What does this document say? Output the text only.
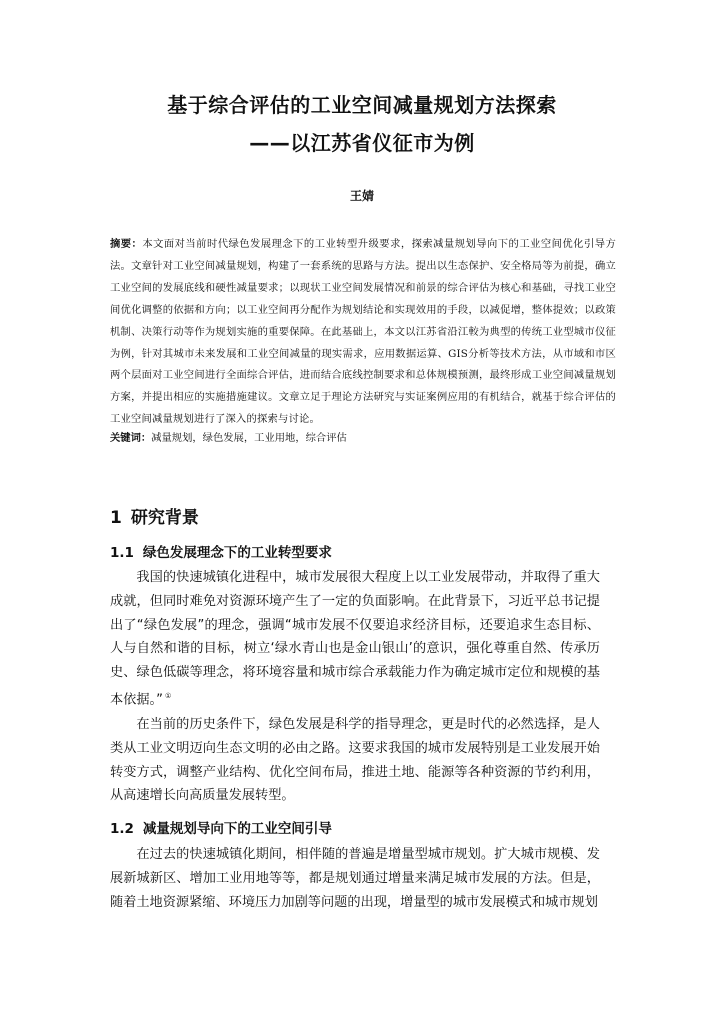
基于综合评估的工业空间减量规划方法探索
——以江苏省仪征市为例
王婧
摘要：本文面对当前时代绿色发展理念下的工业转型升级要求，探索减量规划导向下的工业空间优化引导方法。文章针对工业空间减量规划，构建了一套系统的思路与方法。提出以生态保护、安全格局等为前提，确立工业空间的发展底线和硬性减量要求；以现状工业空间发展情况和前景的综合评估为核心和基础，寻找工业空间优化调整的依据和方向；以工业空间再分配作为规划结论和实现效用的手段，以减促增，整体提效；以政策机制、决策行动等作为规划实施的重要保障。在此基础上，本文以江苏省沿江較为典型的传统工业型城市仪征为例，针对其城市未来发展和工业空间减量的现实需求，应用数据运算、GIS分析等技术方法，从市域和市区两个层面对工业空间进行全面综合评估，进而结合底线控制要求和总体规模预测，最终形成工业空间减量规划方案，并提出相应的实施措施建议。文章立足于理论方法研究与实证案例应用的有机结合，就基于综合评估的工业空间减量规划进行了深入的探索与讨论。
关键词：减量规划，绿色发展，工业用地，综合评估
1 研究背景
1.1 绿色发展理念下的工业转型要求
我国的快速城镇化进程中，城市发展很大程度上以工业发展带动，并取得了重大成就，但同时难免对资源环境产生了一定的负面影响。在此背景下，习近平总书记提出了“绿色发展”的理念，强调“城市发展不仅要追求经济目标，还要追求生态目标、人与自然和谐的目标，树立‘绿水青山也是金山银山’的意识，强化尊重自然、传承历史、绿色低碳等理念，将环境容量和城市综合承载能力作为确定城市定位和规模的基本依据。” ①
在当前的历史条件下，绿色发展是科学的指导理念，更是时代的必然选择，是人类从工业文明迈向生态文明的必由之路。这要求我国的城市发展特别是工业发展开始转变方式，调整产业结构、优化空间布局，推进土地、能源等各种资源的节约利用，从高速增长向高质量发展转型。
1.2 减量规划导向下的工业空间引导
在过去的快速城镇化期间，相伴随的普遍是增量型城市规划。扩大城市规模、发展新城新区、增加工业用地等等，都是规划通过增量来满足城市发展的方法。但是，随着土地资源紧缩、环境压力加剧等问题的出现，增量型的城市发展模式和城市规划
